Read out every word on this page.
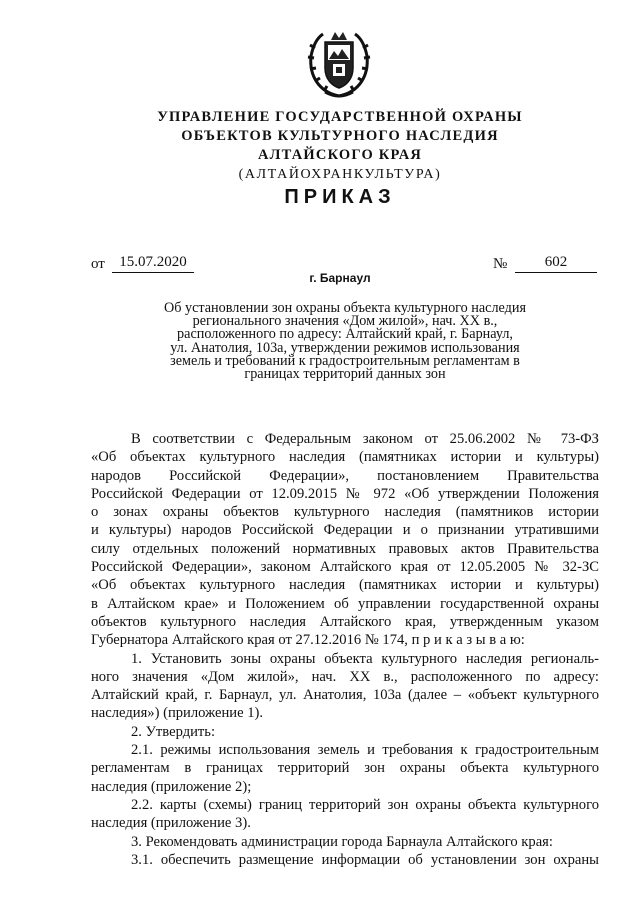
УПРАВЛЕНИЕ ГОСУДАРСТВЕННОЙ ОХРАНЫ
ОБЪЕКТОВ КУЛЬТУРНОГО НАСЛЕДИЯ
АЛТАЙСКОГО КРАЯ
(АЛТАЙОХРАНКУЛЬТУРА)
ПРИКАЗ
от 15.07.2020	№	602
г. Барнаул
Об установлении зон охраны объекта культурного наследия
регионального значения «Дом жилой», нач. XX в.,
расположенного по адресу: Алтайский край, г. Барнаул,
ул. Анатолия, 103а, утверждении режимов использования
земель и требований к градостроительным регламентам в
границах территорий данных зон
В соответствии с Федеральным законом от 25.06.2002 № 73-ФЗ
«Об объектах культурного наследия (памятниках истории и культуры)
народов Российской Федерации», постановлением Правительства
Российской Федерации от 12.09.2015 № 972 «Об утверждении Положения
о зонах охраны объектов культурного наследия (памятников истории
и культуры) народов Российской Федерации и о признании утратившими
силу отдельных положений нормативных правовых актов Правительства
Российской Федерации», законом Алтайского края от 12.05.2005 № 32-ЗС
«Об объектах культурного наследия (памятниках истории и культуры)
в Алтайском крае» и Положением об управлении государственной охраны
объектов культурного наследия Алтайского края, утвержденным указом
Губернатора Алтайского края от 27.12.2016 № 174, п р и к а з ы в а ю:
1. Установить зоны охраны объекта культурного наследия региональ-
ного значения «Дом жилой», нач. XX в., расположенного по адресу:
Алтайский край, г. Барнаул, ул. Анатолия, 103а (далее – «объект культурного
наследия») (приложение 1).
2. Утвердить:
2.1. режимы использования земель и требования к градостроительным
регламентам в границах территорий зон охраны объекта культурного
наследия (приложение 2);
2.2. карты (схемы) границ территорий зон охраны объекта культурного
наследия (приложение 3).
3. Рекомендовать администрации города Барнаула Алтайского края:
3.1. обеспечить размещение информации об установлении зон охраны
